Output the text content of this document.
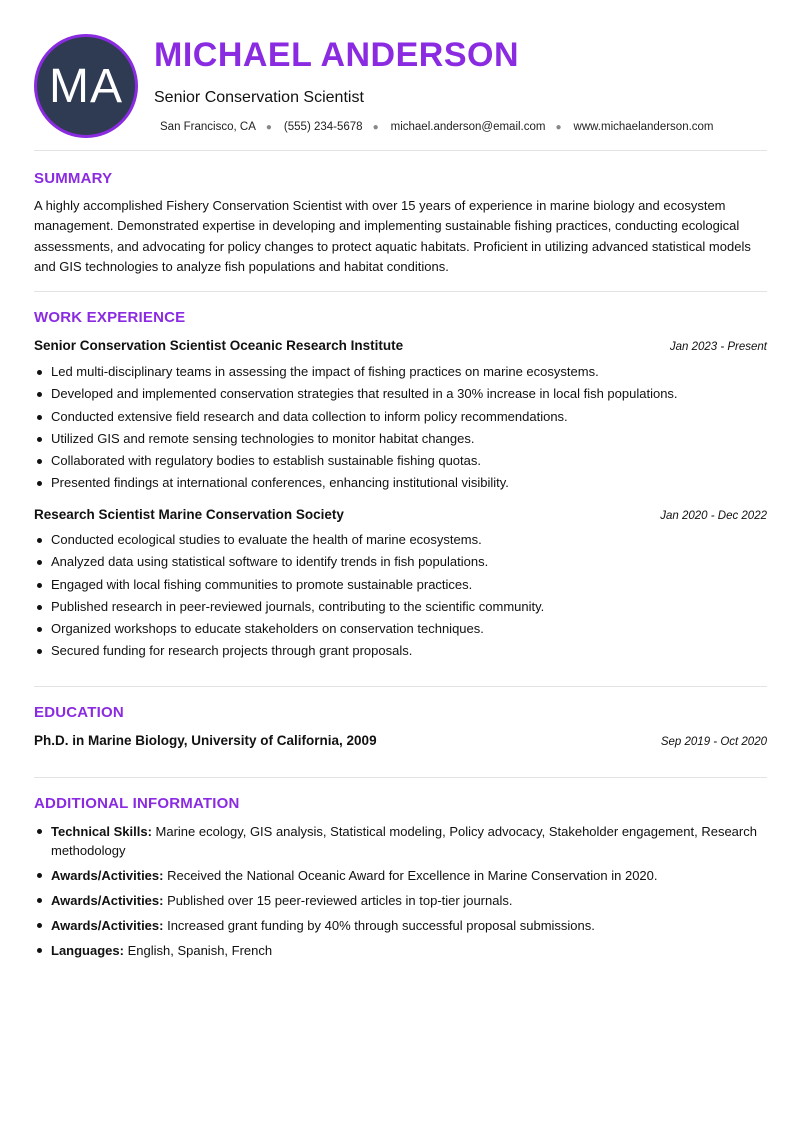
MA
MICHAEL ANDERSON
Senior Conservation Scientist
San Francisco, CA ● (555) 234-5678 ● michael.anderson@email.com ● www.michaelanderson.com
SUMMARY
A highly accomplished Fishery Conservation Scientist with over 15 years of experience in marine biology and ecosystem management. Demonstrated expertise in developing and implementing sustainable fishing practices, conducting ecological assessments, and advocating for policy changes to protect aquatic habitats. Proficient in utilizing advanced statistical models and GIS technologies to analyze fish populations and habitat conditions.
WORK EXPERIENCE
Senior Conservation Scientist Oceanic Research Institute	Jan 2023 - Present
Led multi-disciplinary teams in assessing the impact of fishing practices on marine ecosystems.
Developed and implemented conservation strategies that resulted in a 30% increase in local fish populations.
Conducted extensive field research and data collection to inform policy recommendations.
Utilized GIS and remote sensing technologies to monitor habitat changes.
Collaborated with regulatory bodies to establish sustainable fishing quotas.
Presented findings at international conferences, enhancing institutional visibility.
Research Scientist Marine Conservation Society	Jan 2020 - Dec 2022
Conducted ecological studies to evaluate the health of marine ecosystems.
Analyzed data using statistical software to identify trends in fish populations.
Engaged with local fishing communities to promote sustainable practices.
Published research in peer-reviewed journals, contributing to the scientific community.
Organized workshops to educate stakeholders on conservation techniques.
Secured funding for research projects through grant proposals.
EDUCATION
Ph.D. in Marine Biology, University of California, 2009	Sep 2019 - Oct 2020
ADDITIONAL INFORMATION
Technical Skills: Marine ecology, GIS analysis, Statistical modeling, Policy advocacy, Stakeholder engagement, Research methodology
Awards/Activities: Received the National Oceanic Award for Excellence in Marine Conservation in 2020.
Awards/Activities: Published over 15 peer-reviewed articles in top-tier journals.
Awards/Activities: Increased grant funding by 40% through successful proposal submissions.
Languages: English, Spanish, French
